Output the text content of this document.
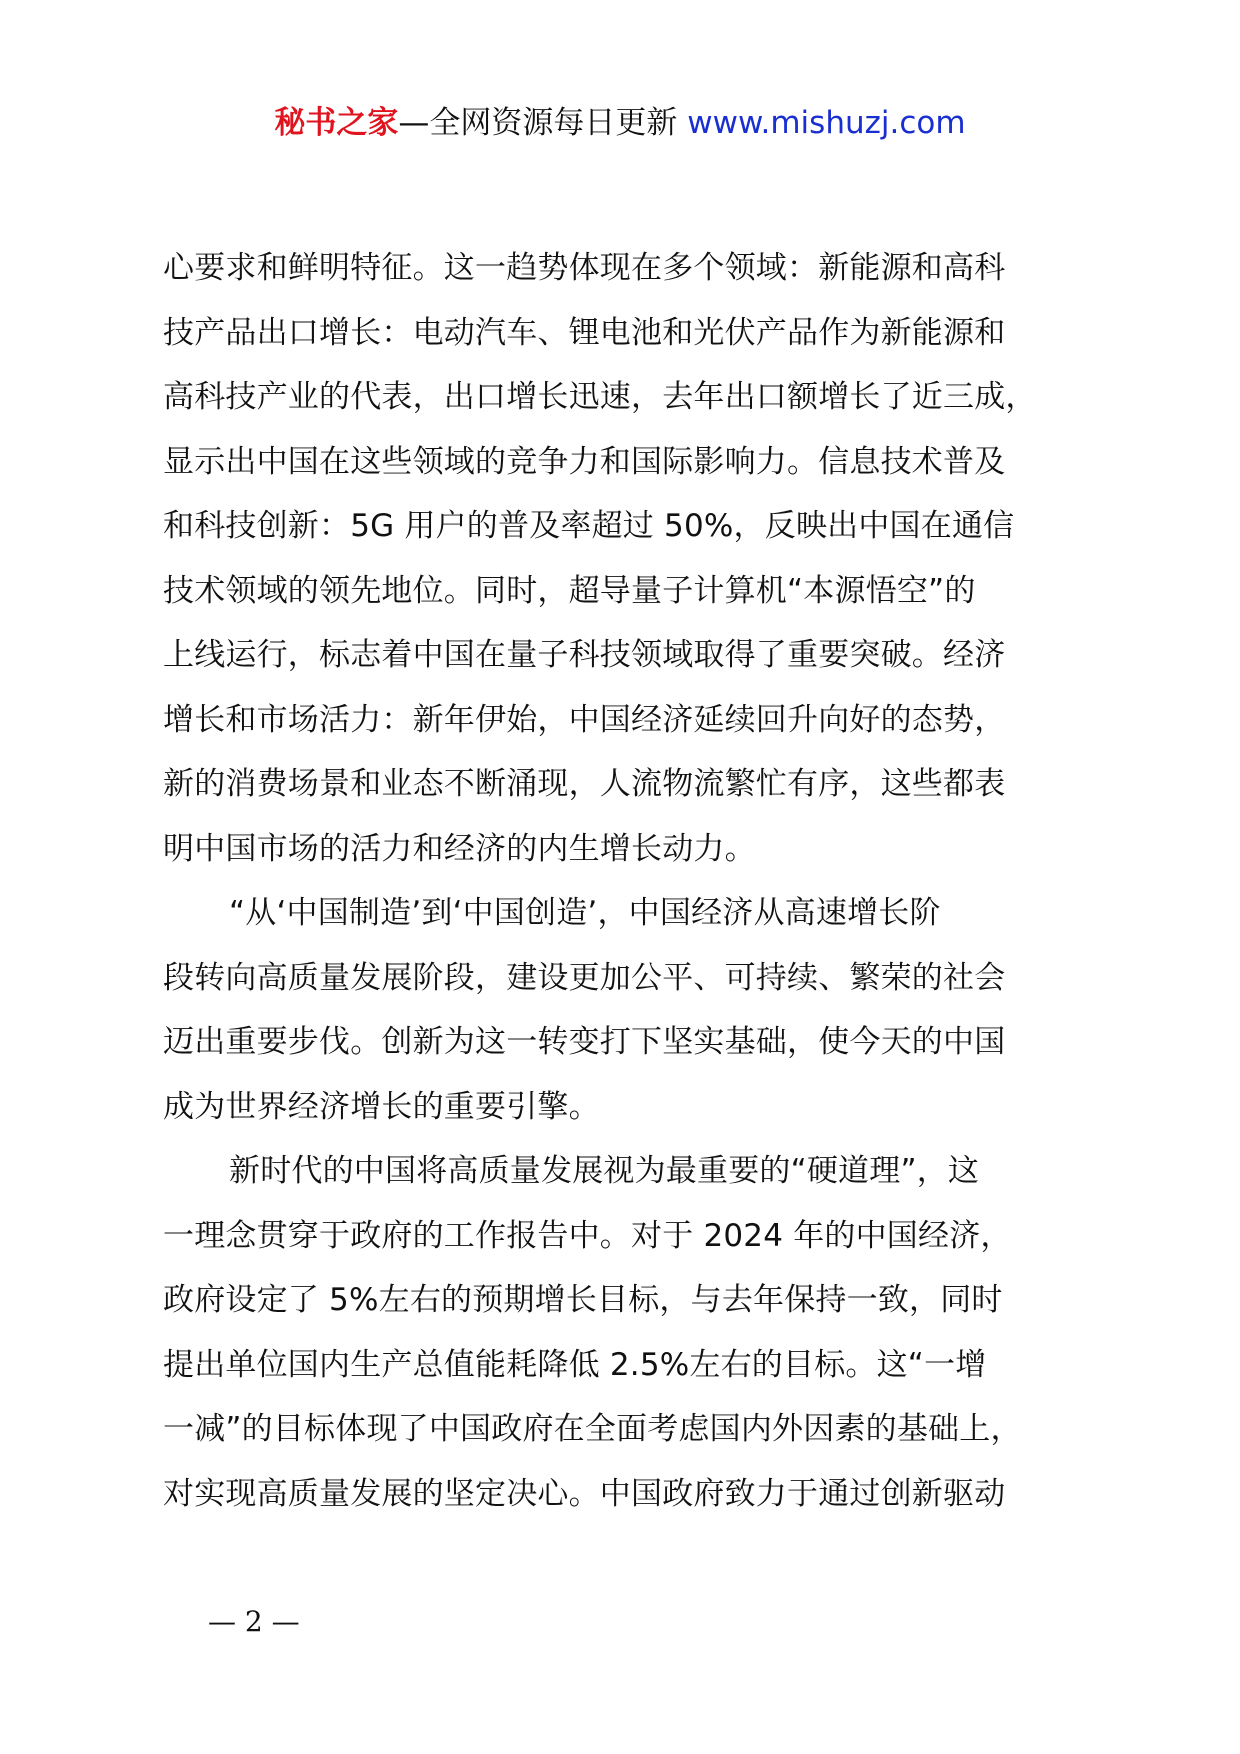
秘书之家—全网资源每日更新 www.mishuzj.com
心要求和鲜明特征。这一趋势体现在多个领域：新能源和高科
技产品出口增长：电动汽车、锂电池和光伏产品作为新能源和
高科技产业的代表，出口增长迅速，去年出口额增长了近三成，
显示出中国在这些领域的竞争力和国际影响力。信息技术普及
和科技创新：5G 用户的普及率超过 50%，反映出中国在通信
技术领域的领先地位。同时，超导量子计算机“本源悟空”的
上线运行，标志着中国在量子科技领域取得了重要突破。经济
增长和市场活力：新年伊始，中国经济延续回升向好的态势，
新的消费场景和业态不断涌现，人流物流繁忙有序，这些都表
明中国市场的活力和经济的内生增长动力。
“从‘中国制造’到‘中国创造’，中国经济从高速增长阶
段转向高质量发展阶段，建设更加公平、可持续、繁荣的社会
迈出重要步伐。创新为这一转变打下坚实基础，使今天的中国
成为世界经济增长的重要引擎。
新时代的中国将高质量发展视为最重要的“硬道理”，这
一理念贯穿于政府的工作报告中。对于 2024 年的中国经济，
政府设定了 5%左右的预期增长目标，与去年保持一致，同时
提出单位国内生产总值能耗降低 2.5%左右的目标。这“一增
一减”的目标体现了中国政府在全面考虑国内外因素的基础上，
对实现高质量发展的坚定决心。中国政府致力于通过创新驱动
— 2 —
